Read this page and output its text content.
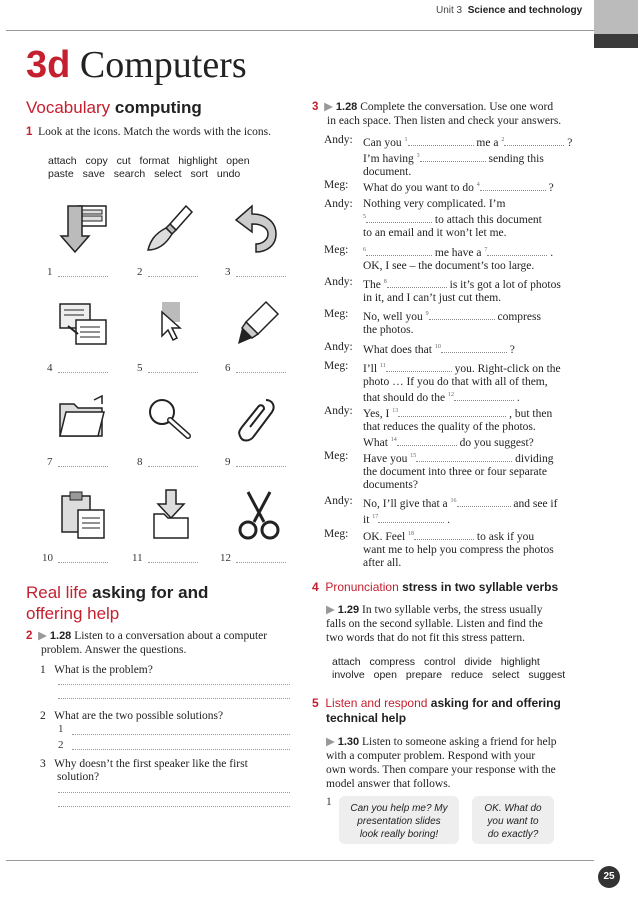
Unit 3 Science and technology
3d Computers
Vocabulary computing
1 Look at the icons. Match the words with the icons.
attach copy cut format highlight open
paste save search select sort undo
1	2	3
4	5	6
7	8	9
10	11	12
Real life asking for and
offering help
2 ▶ 1.28 Listen to a conversation about a computer
problem. Answer the questions.
1 What is the problem?
2 What are the two possible solutions?
1
2
3 Why doesn’t the first speaker like the first
solution?
3 ▶ 1.28 Complete the conversation. Use one word
in each space. Then listen and check your answers.
Andy: Can you $^1$	me a $^2$	?
I’m having $^3$	sending this
document.
Meg: What do you want to do $^4$	?
Andy: Nothing very complicated. I’m
$^5$	to attach this document
to an email and it won’t let me.
Meg: $^6$	me have a $^7$	.
OK, I see – the document’s too large.
Andy: The $^8$	is it’s got a lot of photos
in it, and I can’t just cut them.
Meg: No, well you $^9$	compress
the photos.
Andy: What does that $^{10}$	?
Meg: I’ll $^{11}$	you. Right-click on the
photo … If you do that with all of them,
that should do the $^{12}$	.
Andy: Yes, I $^{13}$	, but then
that reduces the quality of the photos.
What $^{14}$	do you suggest?
Meg: Have you $^{15}$	dividing
the document into three or four separate
documents?
Andy: No, I’ll give that a $^{16}$	and see if
it $^{17}$	.
Meg: OK. Feel $^{18}$	to ask if you
want me to help you compress the photos
after all.
4 Pronunciation stress in two syllable verbs
▶ 1.29 In two syllable verbs, the stress usually
falls on the second syllable. Listen and find the
two words that do not fit this stress pattern.
attach compress control divide highlight
involve open prepare reduce select suggest
5 Listen and respond asking for and offering
technical help
▶ 1.30 Listen to someone asking a friend for help
with a computer problem. Respond with your
own words. Then compare your response with the
model answer that follows.
1
Can you help me? My
presentation slides
look really boring!
OK. What do
you want to
do exactly?
25
